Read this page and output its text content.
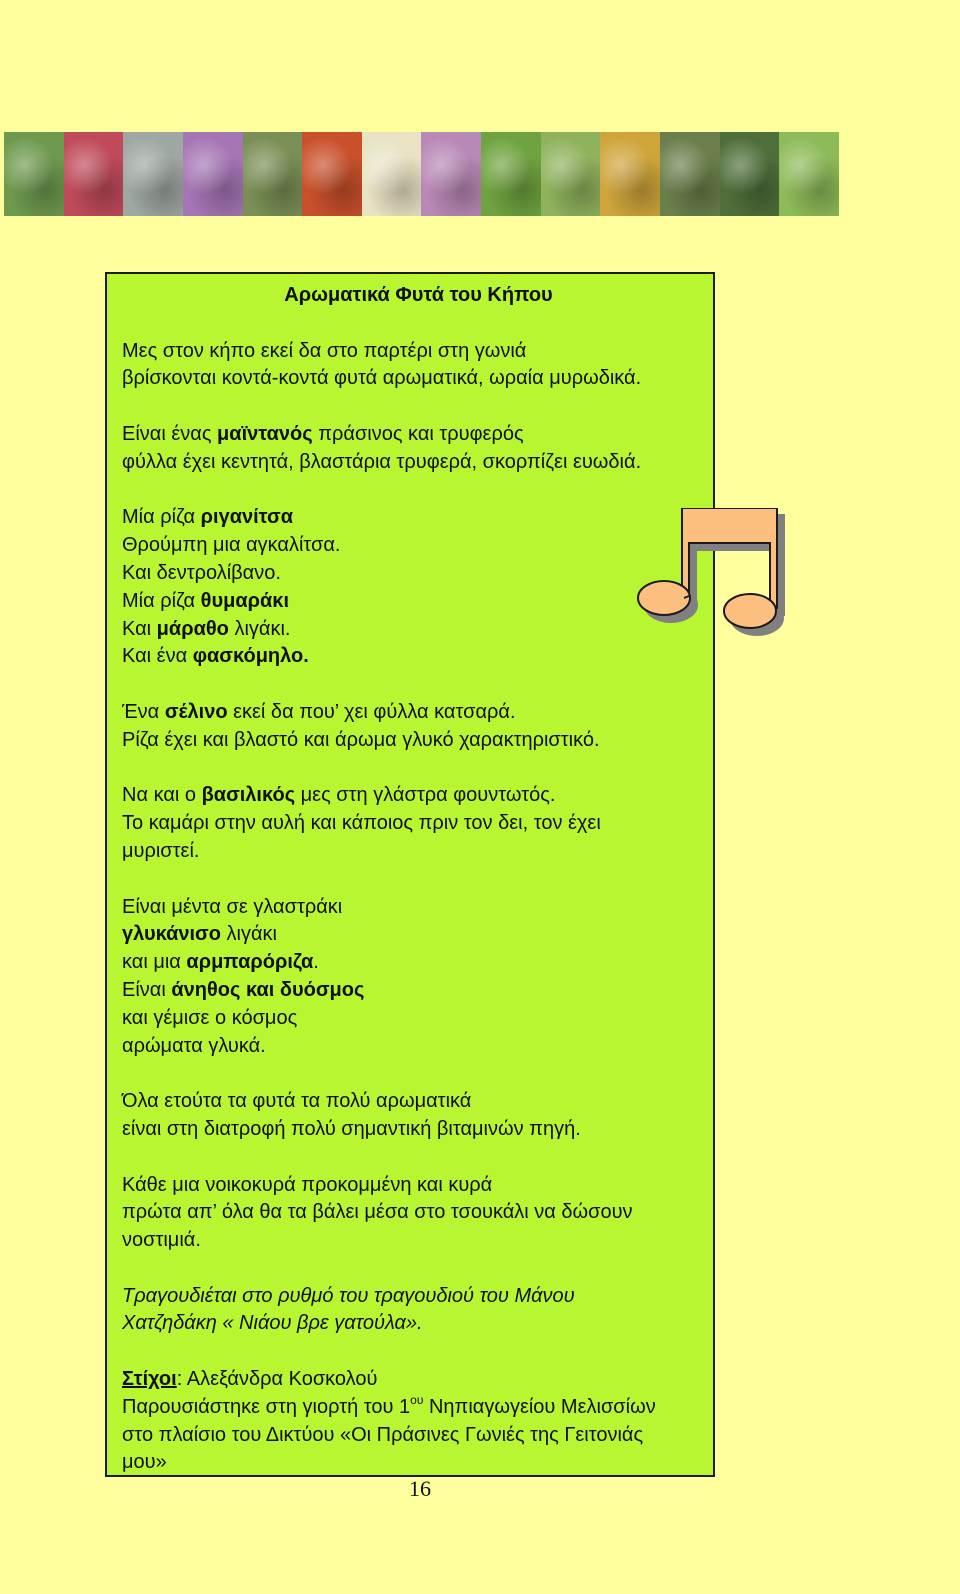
Αρωματικά Φυτά του Κήπου
Μες στον κήπο εκεί δα στο παρτέρι στη γωνιά
βρίσκονται κοντά-κοντά φυτά αρωματικά, ωραία μυρωδικά.
Είναι ένας μαϊντανός πράσινος και τρυφερός
φύλλα έχει κεντητά, βλαστάρια τρυφερά, σκορπίζει ευωδιά.
Μία ρίζα ριγανίτσα
Θρούμπη μια αγκαλίτσα.
Και δεντρολίβανο.
Μία ρίζα θυμαράκι
Και μάραθο λιγάκι.
Και ένα φασκόμηλο.
Ένα σέλινο εκεί δα που’ χει φύλλα κατσαρά.
Ρίζα έχει και βλαστό και άρωμα γλυκό χαρακτηριστικό.
Να και ο βασιλικός μες στη γλάστρα φουντωτός.
Το καμάρι στην αυλή και κάποιος πριν τον δει, τον έχει
μυριστεί.
Είναι μέντα σε γλαστράκι
γλυκάνισο λιγάκι
και μια αρμπαρόριζα.
Είναι άνηθος και δυόσμος
και γέμισε ο κόσμος
αρώματα γλυκά.
Όλα ετούτα τα φυτά τα πολύ αρωματικά
είναι στη διατροφή πολύ σημαντική βιταμινών πηγή.
Κάθε μια νοικοκυρά προκομμένη και κυρά
πρώτα απ’ όλα θα τα βάλει μέσα στο τσουκάλι να δώσουν
νοστιμιά.
Τραγουδιέται στο ρυθμό του τραγουδιού του Μάνου
Χατζηδάκη « Νιάου βρε γατούλα».
Στίχοι: Αλεξάνδρα Κοσκολού
Παρουσιάστηκε στη γιορτή του $1^{o\upsilon}$ Νηπιαγωγείου Μελισσίων
στο πλαίσιο του Δικτύου «Οι Πράσινες Γωνιές της Γειτονιάς
μου»
16
